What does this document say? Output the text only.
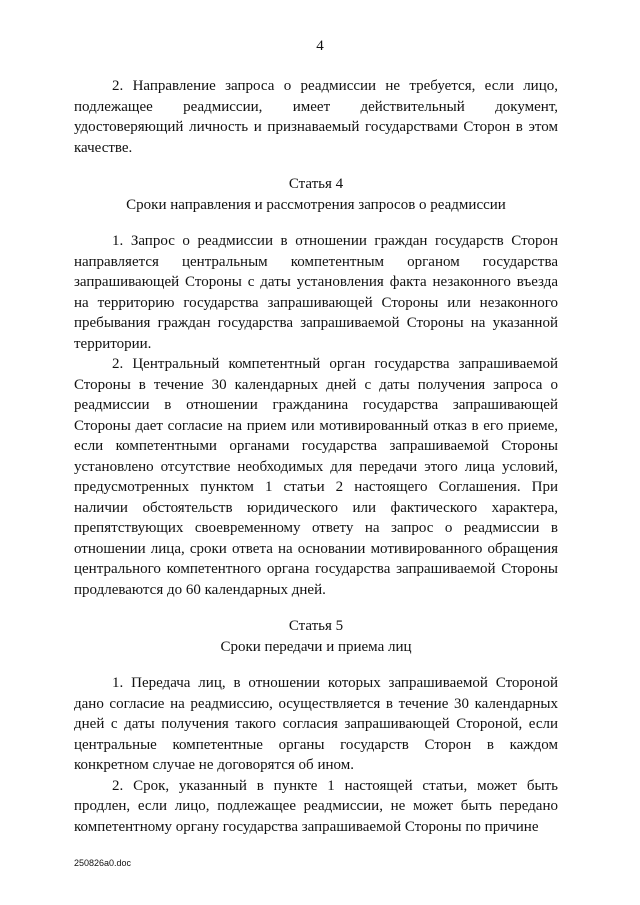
4

2. Направление запроса о реадмиссии не требуется, если лицо, подлежащее реадмиссии, имеет действительный документ, удостоверяющий личность и признаваемый государствами Сторон в этом качестве.

Статья 4

Сроки направления и рассмотрения запросов о реадмиссии

1. Запрос о реадмиссии в отношении граждан государств Сторон направляется центральным компетентным органом государства запрашивающей Стороны с даты установления факта незаконного въезда на территорию государства запрашивающей Стороны или незаконного пребывания граждан государства запрашиваемой Стороны на указанной территории.

2. Центральный компетентный орган государства запрашиваемой Стороны в течение 30 календарных дней с даты получения запроса о реадмиссии в отношении гражданина государства запрашивающей Стороны дает согласие на прием или мотивированный отказ в его приеме, если компетентными органами государства запрашиваемой Стороны установлено отсутствие необходимых для передачи этого лица условий, предусмотренных пунктом 1 статьи 2 настоящего Соглашения. При наличии обстоятельств юридического или фактического характера, препятствующих своевременному ответу на запрос о реадмиссии в отношении лица, сроки ответа на основании мотивированного обращения центрального компетентного органа государства запрашиваемой Стороны продлеваются до 60 календарных дней.

Статья 5

Сроки передачи и приема лиц

1. Передача лиц, в отношении которых запрашиваемой Стороной дано согласие на реадмиссию, осуществляется в течение 30 календарных дней с даты получения такого согласия запрашивающей Стороной, если центральные компетентные органы государств Сторон в каждом конкретном случае не договорятся об ином.

2. Срок, указанный в пункте 1 настоящей статьи, может быть продлен, если лицо, подлежащее реадмиссии, не может быть передано компетентному органу государства запрашиваемой Стороны по причине

250826a0.doc
